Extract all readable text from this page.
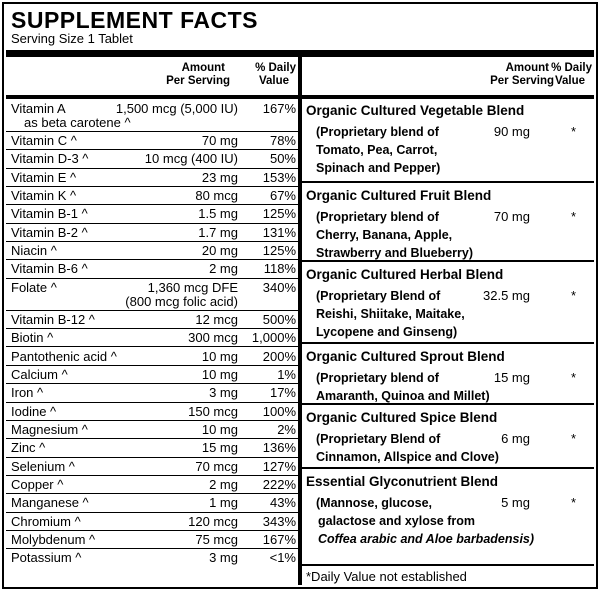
SUPPLEMENT FACTS
Serving Size 1 Tablet
Amount
Per Serving
% Daily
Value
Vitamin A	1,500 mcg (5,000 IU) 167%
as beta carotene ^
Vitamin C ^	70 mg 78%
Vitamin D-3 ^	10 mcg (400 IU) 50%
Vitamin E ^	23 mg 153%
Vitamin K ^	80 mcg 67%
Vitamin B-1 ^	1.5 mg 125%
Vitamin B-2 ^	1.7 mg 131%
Niacin ^	20 mg 125%
Vitamin B-6 ^	2 mg 118%
Folate ^	1,360 mcg DFE 340%
(800 mcg folic acid)
Vitamin B-12 ^	12 mcg 500%
Biotin ^	300 mcg 1,000%
Pantothenic acid ^	10 mg 200%
Calcium ^	10 mg	1%
Iron ^	3 mg 17%
Iodine ^	150 mcg 100%
Magnesium ^	10 mg	2%
Zinc ^	15 mg 136%
Selenium ^	70 mcg 127%
Copper ^	2 mg 222%
Manganese ^	1 mg 43%
Chromium ^	120 mcg 343%
Molybdenum ^	75 mcg 167%
Potassium ^	3 mg <1%
Amount
Per Serving
% Daily
Value
Organic Cultured Vegetable Blend
(Proprietary blend of
Tomato, Pea, Carrot,
Spinach and Pepper)
90 mg	*
Organic Cultured Fruit Blend
(Proprietary blend of
Cherry, Banana, Apple,
Strawberry and Blueberry)
70 mg	*
Organic Cultured Herbal Blend
(Proprietary Blend of
Reishi, Shiitake, Maitake,
Lycopene and Ginseng)
32.5 mg	*
Organic Cultured Sprout Blend
(Proprietary blend of
Amaranth, Quinoa and Millet)
15 mg	*
Organic Cultured Spice Blend
(Proprietary Blend of
Cinnamon, Allspice and Clove)
6 mg	*
Essential Glyconutrient Blend
(Mannose, glucose,
galactose and xylose from
Coffea arabic and Aloe barbadensis)
5 mg	*
*Daily Value not established
